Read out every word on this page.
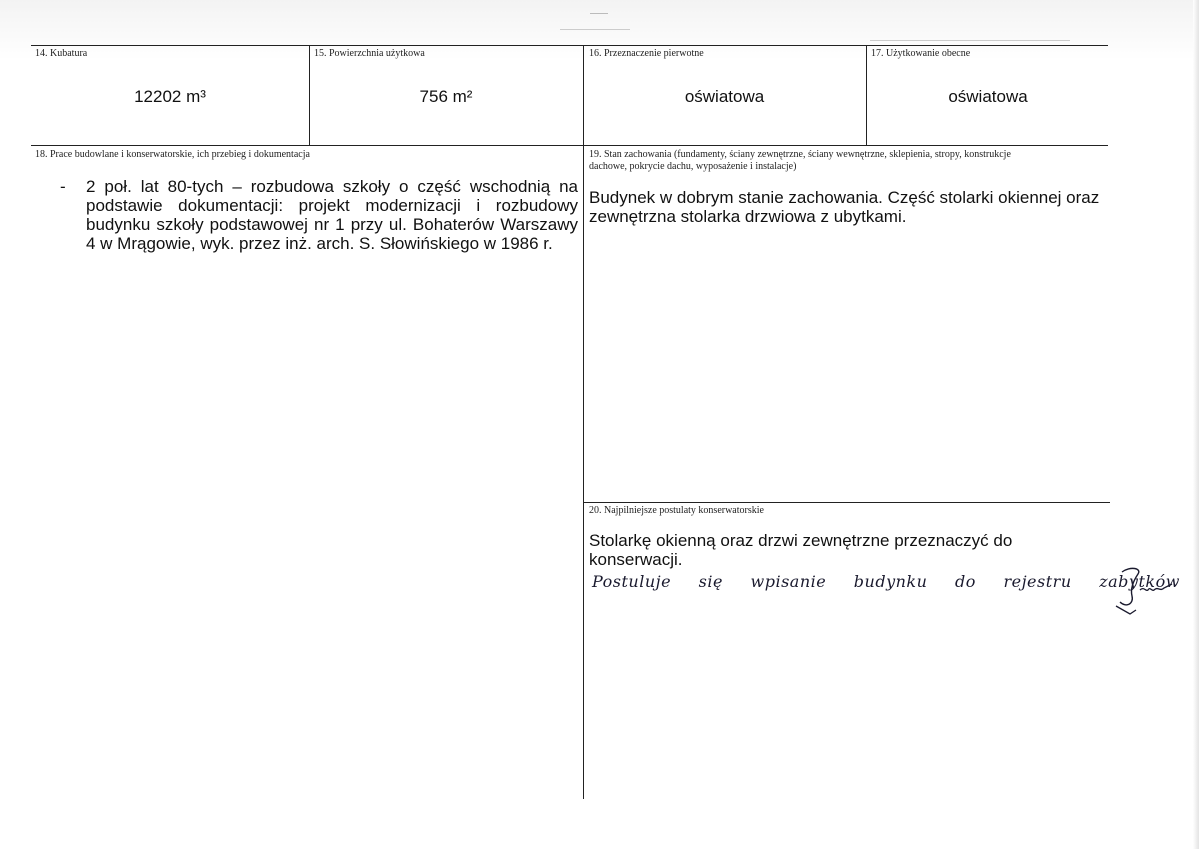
14. Kubatura	15. Powierzchnia użytkowa	16. Przeznaczenie pierwotne	17. Użytkowanie obecne
12202 m³	756 m²	oświatowa	oświatowa
18. Prace budowlane i konserwatorskie, ich przebieg i dokumentacja
- 2 poł. lat 80-tych – rozbudowa szkoły o część wschodnią na podstawie dokumentacji: projekt modernizacji i rozbudowy budynku szkoły podstawowej nr 1 przy ul. Bohaterów Warszawy 4 w Mrągowie, wyk. przez inż. arch. S. Słowińskiego w 1986 r.
19. Stan zachowania (fundamenty, ściany zewnętrzne, ściany wewnętrzne, sklepienia, stropy, konstrukcje
dachowe, pokrycie dachu, wyposażenie i instalacje)
Budynek w dobrym stanie zachowania. Część stolarki okiennej oraz zewnętrzna stolarka drzwiowa z ubytkami.
20. Najpilniejsze postulaty konserwatorskie
Stolarkę okienną oraz drzwi zewnętrzne przeznaczyć do konserwacji.
Postuluje się wpisanie budynku do rejestru zabytków
